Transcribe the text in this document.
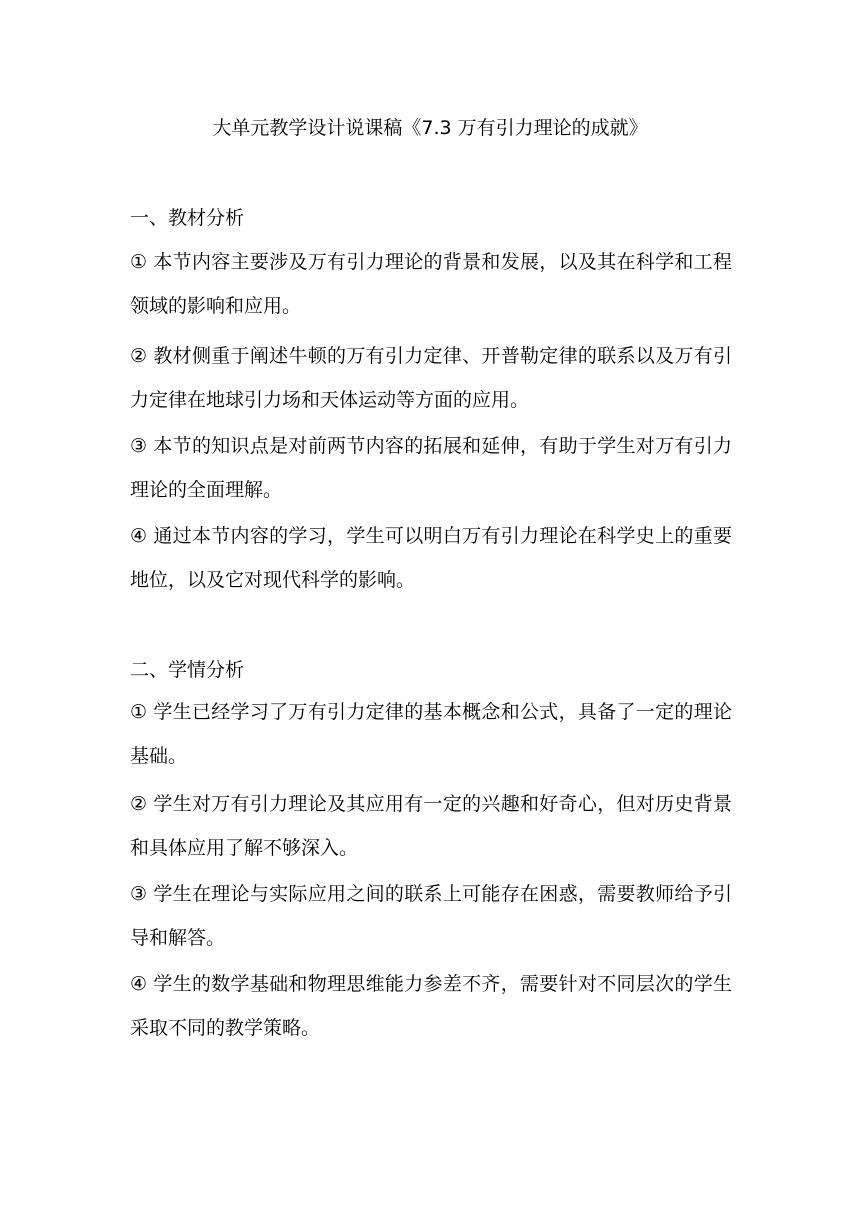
大单元教学设计说课稿《7.3 万有引力理论的成就》
一、教材分析
① 本节内容主要涉及万有引力理论的背景和发展，以及其在科学和工程领域的影响和应用。
② 教材侧重于阐述牛顿的万有引力定律、开普勒定律的联系以及万有引力定律在地球引力场和天体运动等方面的应用。
③ 本节的知识点是对前两节内容的拓展和延伸，有助于学生对万有引力理论的全面理解。
④ 通过本节内容的学习，学生可以明白万有引力理论在科学史上的重要地位，以及它对现代科学的影响。
二、学情分析
① 学生已经学习了万有引力定律的基本概念和公式，具备了一定的理论基础。
② 学生对万有引力理论及其应用有一定的兴趣和好奇心，但对历史背景和具体应用了解不够深入。
③ 学生在理论与实际应用之间的联系上可能存在困惑，需要教师给予引导和解答。
④ 学生的数学基础和物理思维能力参差不齐，需要针对不同层次的学生采取不同的教学策略。
